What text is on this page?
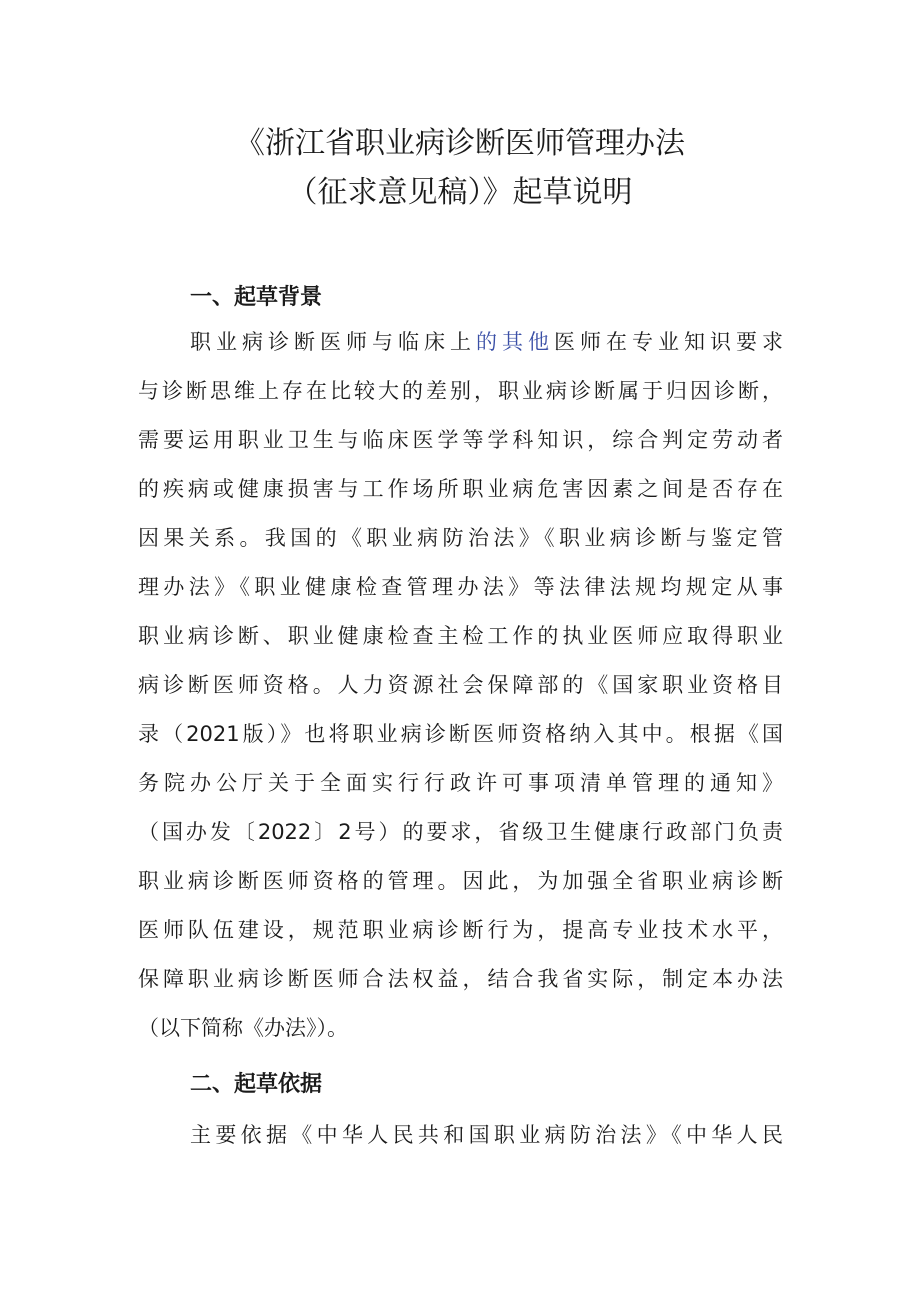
《浙江省职业病诊断医师管理办法
（征求意见稿）》起草说明
一、起草背景
职业病诊断医师与临床上的其他医师在专业知识要求
与诊断思维上存在比较大的差别，职业病诊断属于归因诊断，
需要运用职业卫生与临床医学等学科知识，综合判定劳动者
的疾病或健康损害与工作场所职业病危害因素之间是否存在
因果关系。我国的《职业病防治法》《职业病诊断与鉴定管
理办法》《职业健康检查管理办法》等法律法规均规定从事
职业病诊断、职业健康检查主检工作的执业医师应取得职业
病诊断医师资格。人力资源社会保障部的《国家职业资格目
录（2021版）》也将职业病诊断医师资格纳入其中。根据《国
务院办公厅关于全面实行行政许可事项清单管理的通知》
（国办发〔2022〕2号）的要求，省级卫生健康行政部门负责
职业病诊断医师资格的管理。因此，为加强全省职业病诊断
医师队伍建设，规范职业病诊断行为，提高专业技术水平，
保障职业病诊断医师合法权益，结合我省实际，制定本办法
（以下简称《办法》）。
二、起草依据
主要依据《中华人民共和国职业病防治法》《中华人民
